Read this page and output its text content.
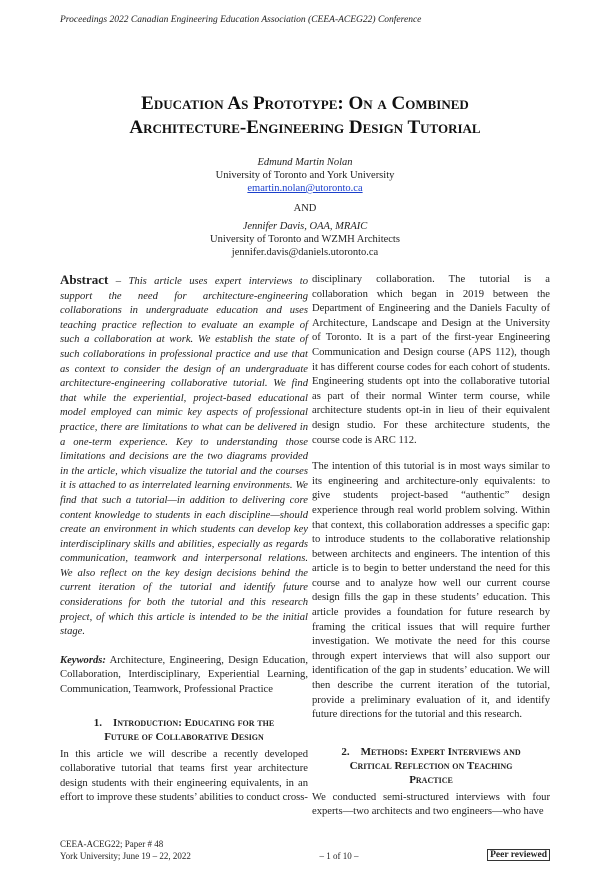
Proceedings 2022 Canadian Engineering Education Association (CEEA-ACEG22) Conference
Education As Prototype: On a Combined
Architecture-Engineering Design Tutorial
Edmund Martin Nolan
University of Toronto and York University
emartin.nolan@utoronto.ca
AND
Jennifer Davis, OAA, MRAIC
University of Toronto and WZMH Architects
jennifer.davis@daniels.utoronto.ca
Abstract – This article uses expert interviews to support the need for architecture-engineering collaborations in undergraduate education and uses teaching practice reflection to evaluate an example of such a collaboration at work. We establish the state of such collaborations in professional practice and use that as context to consider the design of an undergraduate architecture-engineering collaborative tutorial. We find that while the experiential, project-based educational model employed can mimic key aspects of professional practice, there are limitations to what can be delivered in a one-term experience. Key to understanding those limitations and decisions are the two diagrams provided in the article, which visualize the tutorial and the courses it is attached to as interrelated learning environments. We find that such a tutorial—in addition to delivering core content knowledge to students in each discipline—should create an environment in which students can develop key interdisciplinary skills and abilities, especially as regards communication, teamwork and interpersonal relations. We also reflect on the key design decisions behind the current iteration of the tutorial and identify future considerations for both the tutorial and this research project, of which this article is intended to be the initial stage.
Keywords: Architecture, Engineering, Design Education, Collaboration, Interdisciplinary, Experiential Learning, Communication, Teamwork, Professional Practice
1. Introduction: Educating for the
Future of Collaborative Design
In this article we will describe a recently developed collaborative tutorial that teams first year architecture design students with their engineering equivalents, in an effort to improve these students’ abilities to conduct cross-
disciplinary collaboration. The tutorial is a collaboration which began in 2019 between the Department of Engineering and the Daniels Faculty of Architecture, Landscape and Design at the University of Toronto. It is a part of the first-year Engineering Communication and Design course (APS 112), though it has different course codes for each cohort of students. Engineering students opt into the collaborative tutorial as part of their normal Winter term course, while architecture students opt-in in lieu of their equivalent design studio. For these architecture students, the course code is ARC 112.
The intention of this tutorial is in most ways similar to its engineering and architecture-only equivalents: to give students project-based “authentic” design experience through real world problem solving. Within that context, this collaboration addresses a specific gap: to introduce students to the collaborative relationship between architects and engineers. The intention of this article is to begin to better understand the need for this course and to analyze how well our current course design fills the gap in these students’ education. This article provides a foundation for future research by framing the critical issues that will require further investigation. We motivate the need for this course through expert interviews that will also support our identification of the gap in students’ education. We will then describe the current iteration of the tutorial, provide a preliminary evaluation of it, and identify future directions for the tutorial and this research.
2. Methods: Expert Interviews and
Critical Reflection on Teaching
Practice
We conducted semi-structured interviews with four experts—two architects and two engineers—who have
CEEA-ACEG22; Paper # 48
York University; June 19 – 22, 2022	– 1 of 10 –	Peer reviewed
